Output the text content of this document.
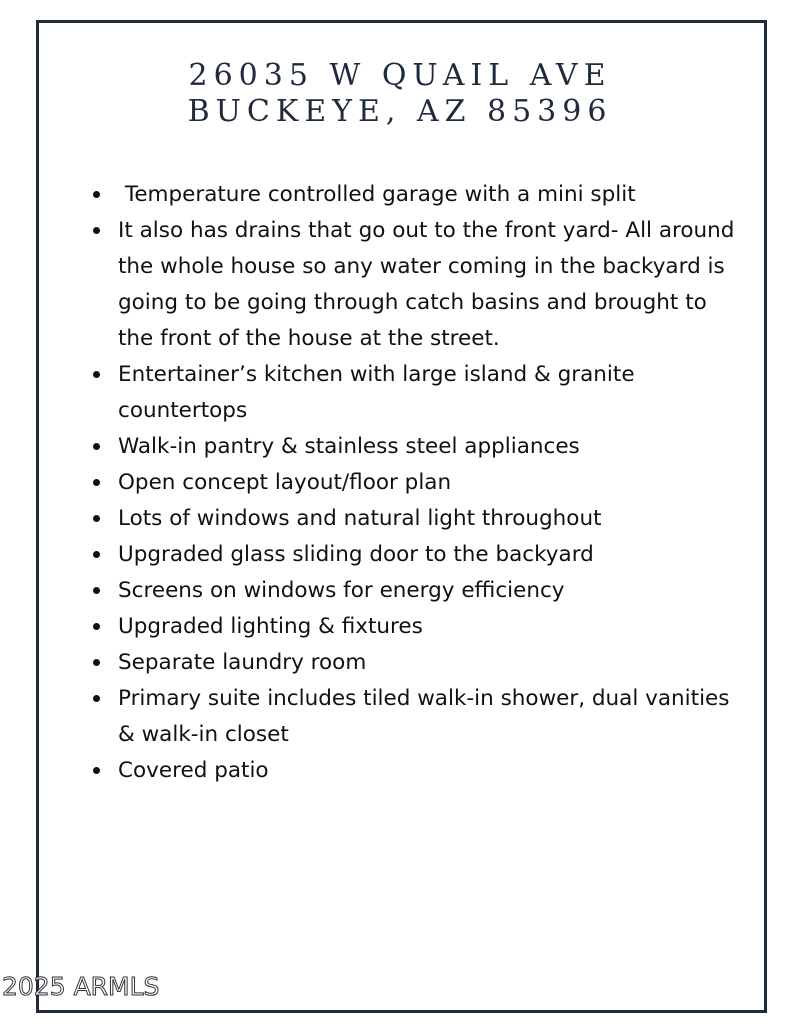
26035 W QUAIL AVE
BUCKEYE, AZ 85396
Temperature controlled garage with a mini split
It also has drains that go out to the front yard- All around the whole house so any water coming in the backyard is going to be going through catch basins and brought to the front of the house at the street.
Entertainer’s kitchen with large island & granite countertops
Walk-in pantry & stainless steel appliances
Open concept layout/floor plan
Lots of windows and natural light throughout
Upgraded glass sliding door to the backyard
Screens on windows for energy efficiency
Upgraded lighting & fixtures
Separate laundry room
Primary suite includes tiled walk-in shower, dual vanities & walk-in closet
Covered patio
2025 ARMLS
